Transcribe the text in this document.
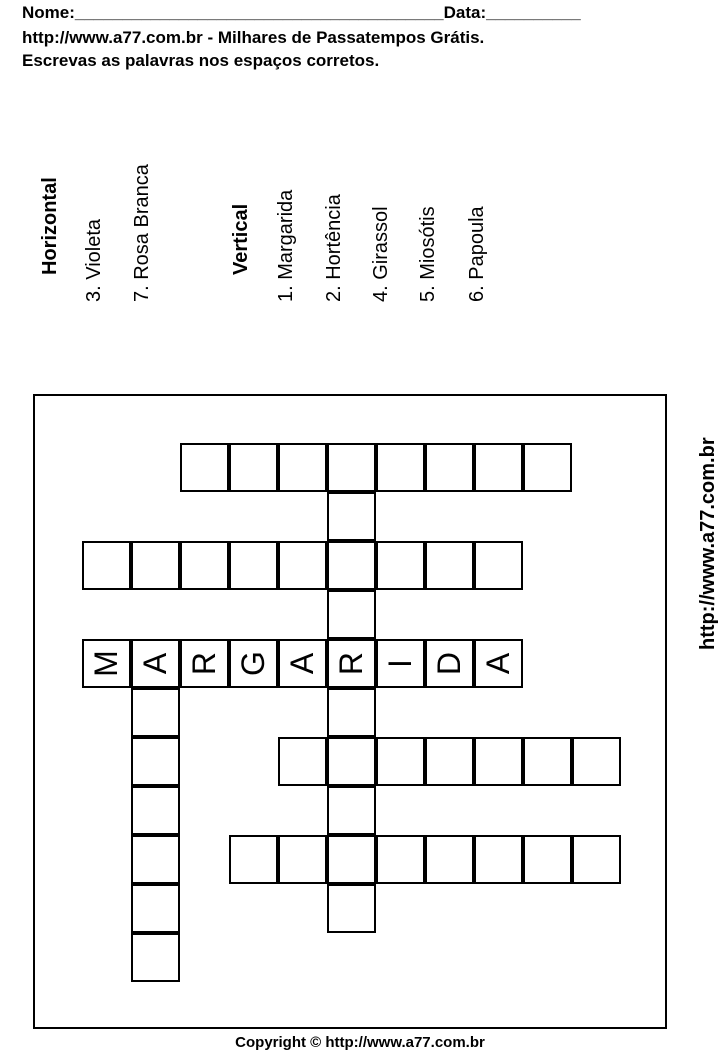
Nome:_______________________________________Data:__________
http://www.a77.com.br - Milhares de Passatempos Grátis.
Escrevas as palavras nos espaços corretos.
Horizontal 3. Violeta 7. Rosa Branca	Vertical 1. Margarida 2. Hortência 4. Girassol 5. Miosótis 6. Papoula
M A R G A R I D A
http://www.a77.com.br
Copyright © http://www.a77.com.br
